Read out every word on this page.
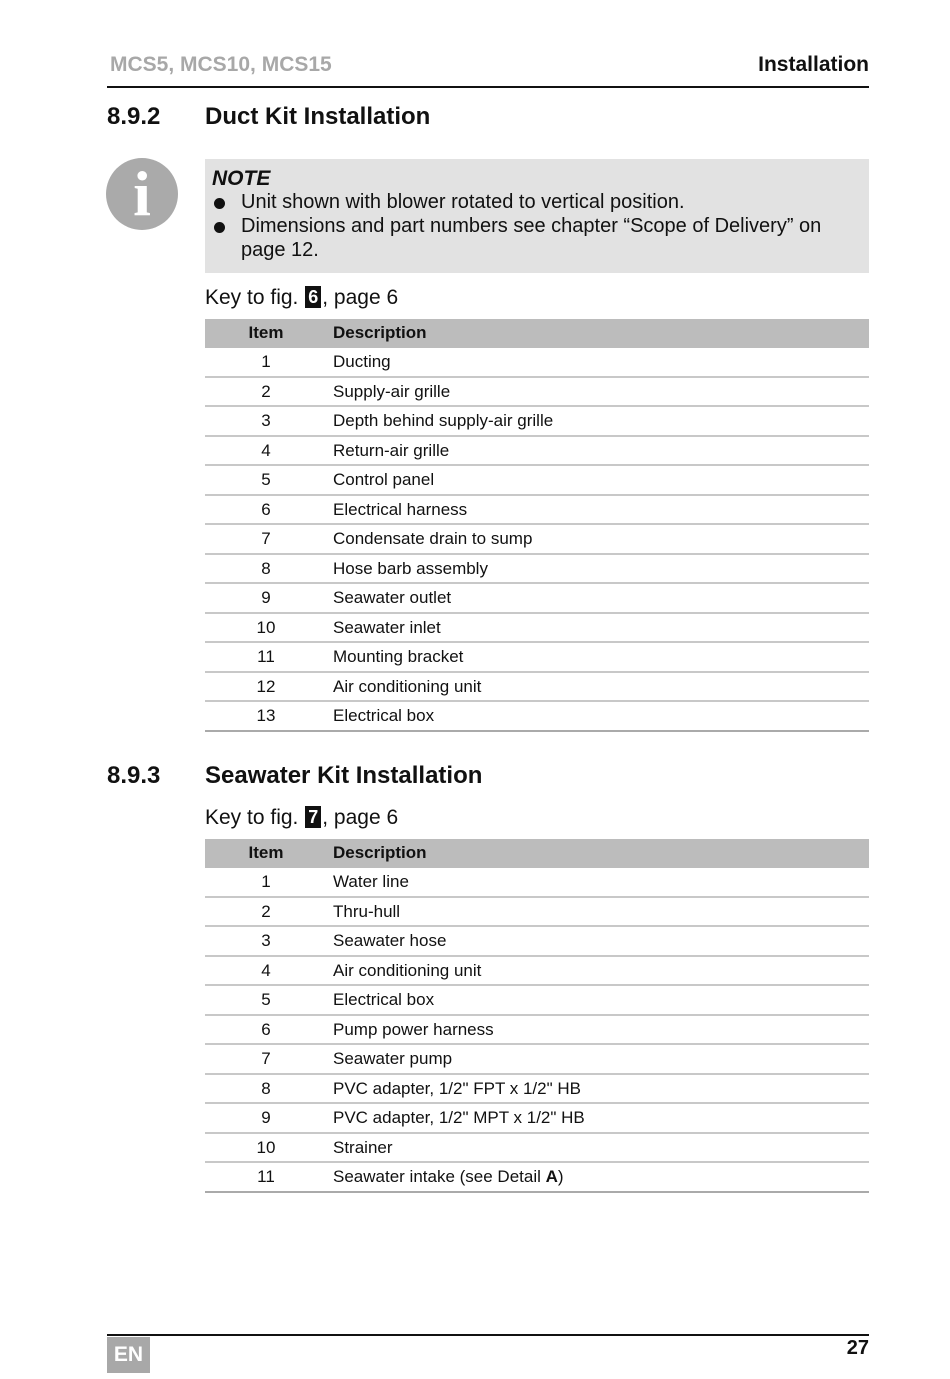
MCS5, MCS10, MCS15	Installation
8.9.2 Duct Kit Installation
i	NOTE
Unit shown with blower rotated to vertical position.
Dimensions and part numbers see chapter “Scope of Delivery” on page 12.
Key to fig. 6 , page 6
Item	Description
1	Ducting
2	Supply-air grille
3	Depth behind supply-air grille
4	Return-air grille
5	Control panel
6	Electrical harness
7	Condensate drain to sump
8	Hose barb assembly
9	Seawater outlet
10	Seawater inlet
11	Mounting bracket
12	Air conditioning unit
13	Electrical box
8.9.3 Seawater Kit Installation
Key to fig. 7 , page 6
Item	Description
1	Water line
2	Thru-hull
3	Seawater hose
4	Air conditioning unit
5	Electrical box
6	Pump power harness
7	Seawater pump
8	PVC adapter, 1/2" FPT x 1/2" HB
9	PVC adapter, 1/2" MPT x 1/2" HB
10	Strainer
11	Seawater intake (see Detail A)
EN	27
